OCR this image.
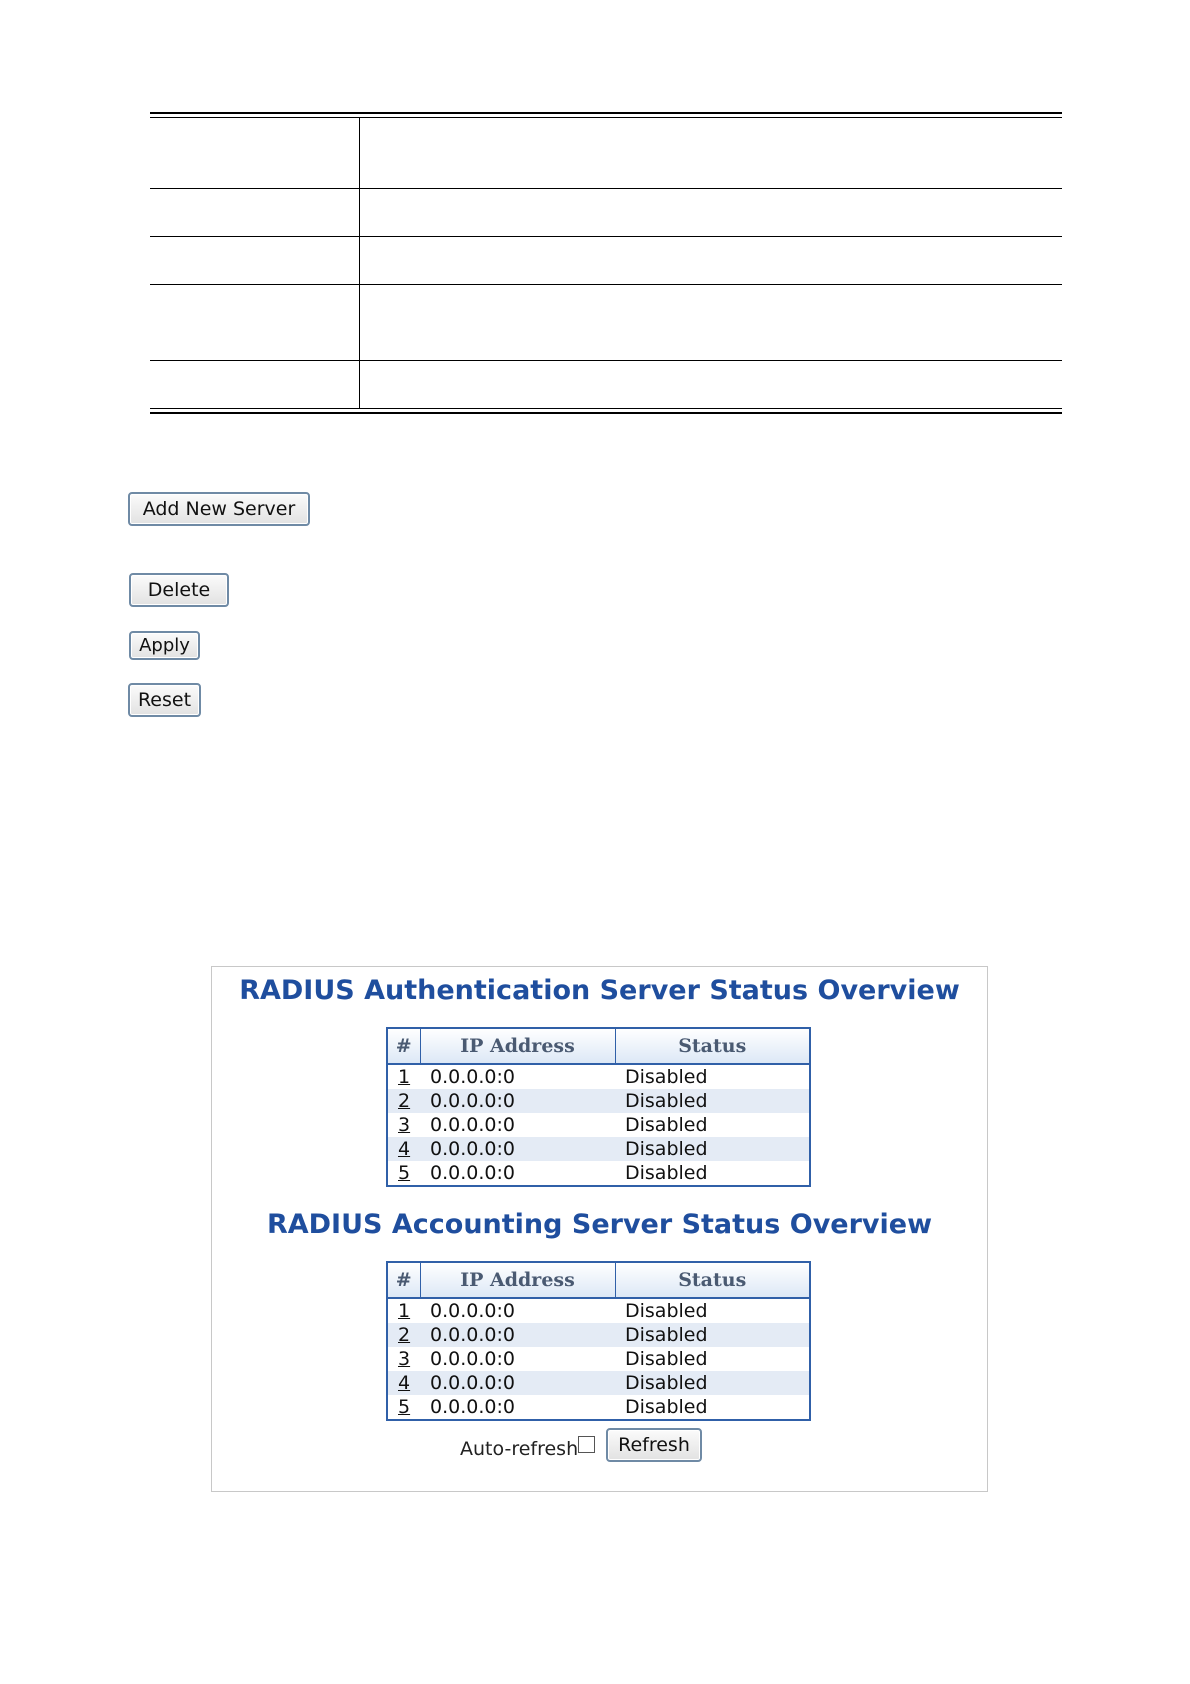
Add New Server
Delete
Apply
Reset
RADIUS Authentication Server Status Overview
#	IP Address	Status
1	0.0.0.0:0	Disabled
2	0.0.0.0:0	Disabled
3	0.0.0.0:0	Disabled
4	0.0.0.0:0	Disabled
5	0.0.0.0:0	Disabled
RADIUS Accounting Server Status Overview
#	IP Address	Status
1	0.0.0.0:0	Disabled
2	0.0.0.0:0	Disabled
3	0.0.0.0:0	Disabled
4	0.0.0.0:0	Disabled
5	0.0.0.0:0	Disabled
Auto-refresh	Refresh
